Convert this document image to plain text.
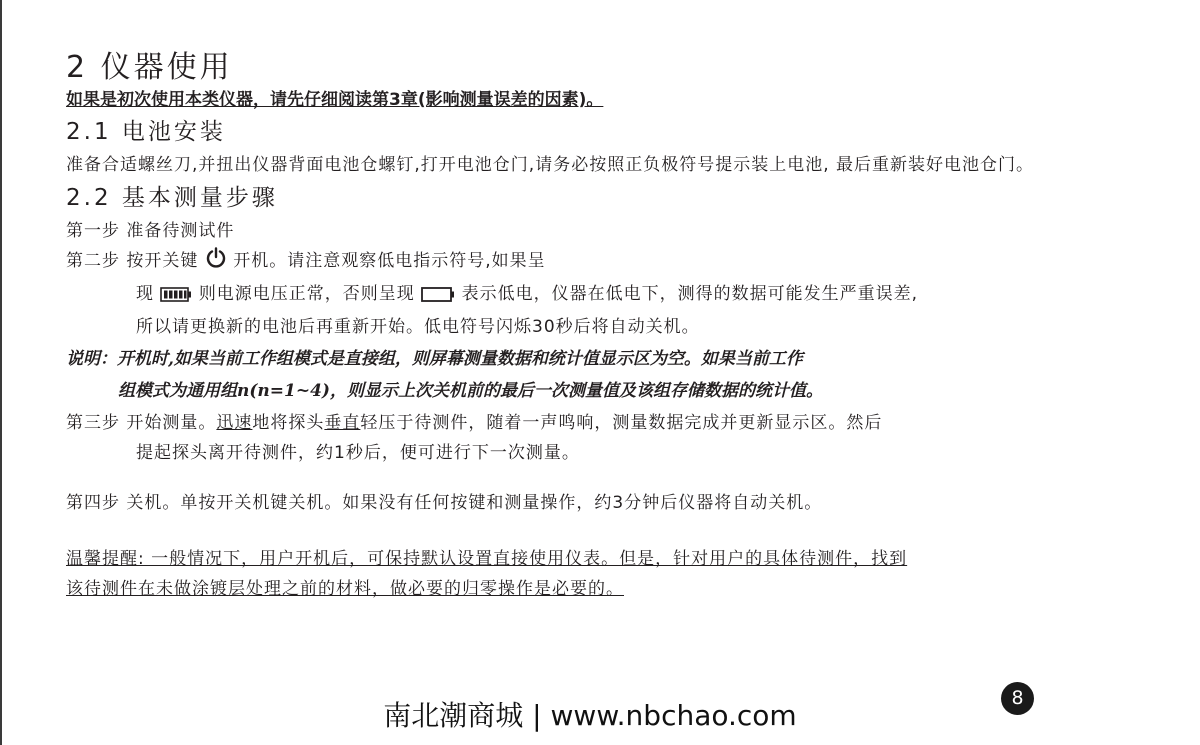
2 仪器使用

如果是初次使用本类仪器，请先仔细阅读第3章(影响测量误差的因素)。

2.1 电池安装

准备合适螺丝刀,并扭出仪器背面电池仓螺钉,打开电池仓门,请务必按照正负极符号提示装上电池, 最后重新装好电池仓门。

2.2 基本测量步骤

第一步 准备待测试件

第二步 按开关键 开机。请注意观察低电指示符号,如果呈

现	则电源电压正常，否则呈现	表示低电，仪器在低电下，测得的数据可能发生严重误差,

所以请更换新的电池后再重新开始。低电符号闪烁30秒后将自动关机。

说明：开机时,如果当前工作组模式是直接组，则屏幕测量数据和统计值显示区为空。如果当前工作

组模式为通用组n(n=1~4)，则显示上次关机前的最后一次测量值及该组存储数据的统计值。

第三步 开始测量。迅速地将探头垂直轻压于待测件，随着一声鸣响，测量数据完成并更新显示区。然后

提起探头离开待测件，约1秒后，便可进行下一次测量。

第四步 关机。单按开关机键关机。如果没有任何按键和测量操作，约3分钟后仪器将自动关机。

温馨提醒: 一般情况下，用户开机后，可保持默认设置直接使用仪表。但是，针对用户的具体待测件，找到

该待测件在未做涂镀层处理之前的材料，做必要的归零操作是必要的。

南北潮商城 | www.nbchao.com
8
